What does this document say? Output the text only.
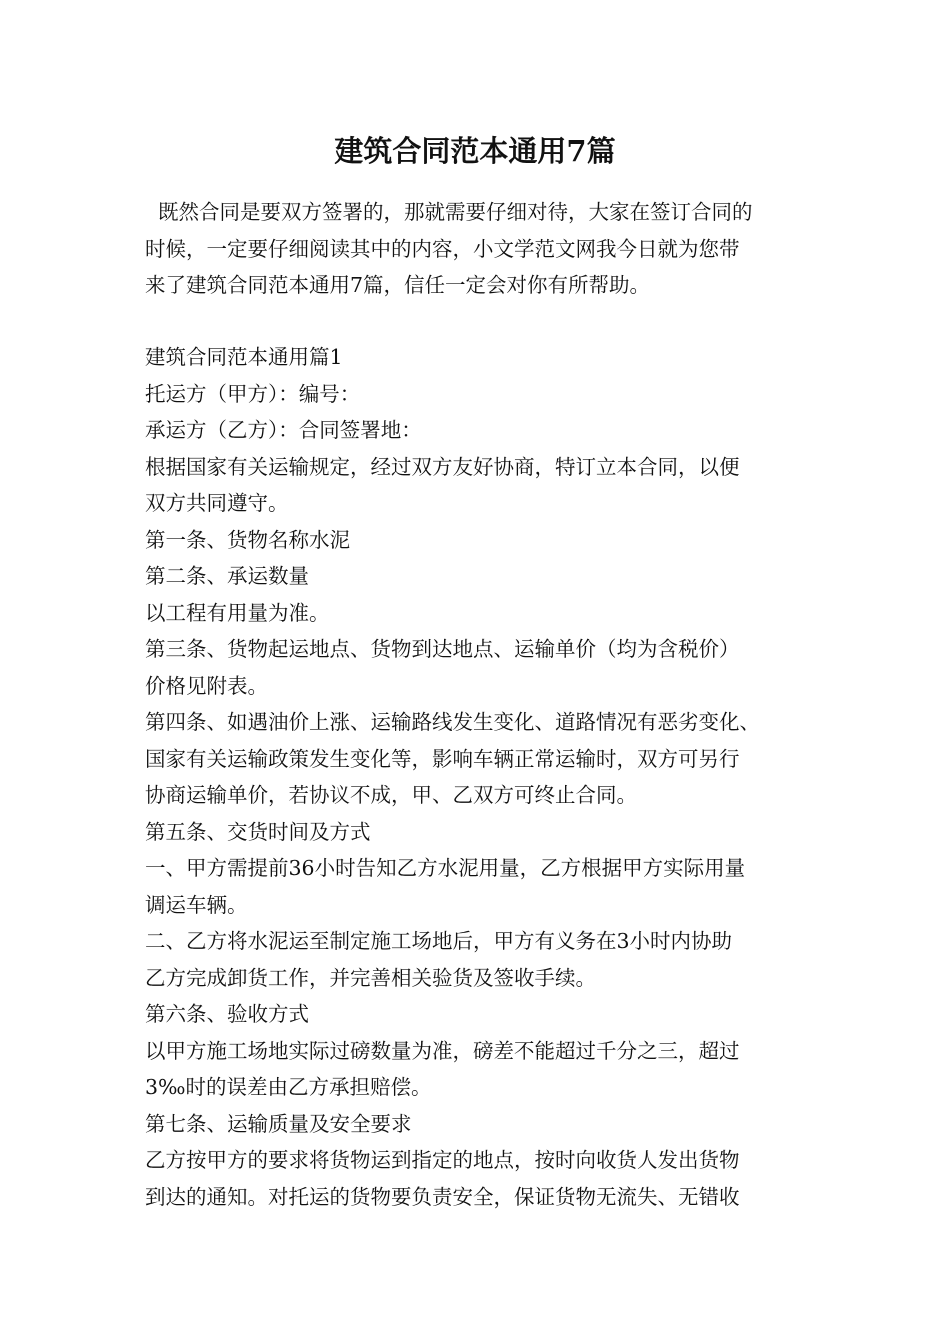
建筑合同范本通用7篇

既然合同是要双方签署的，那就需要仔细对待，大家在签订合同的

时候，一定要仔细阅读其中的内容，小文学范文网我今日就为您带

来了建筑合同范本通用7篇，信任一定会对你有所帮助。

建筑合同范本通用篇1

托运方（甲方）：编号：

承运方（乙方）：合同签署地：

根据国家有关运输规定，经过双方友好协商，特订立本合同，以便

双方共同遵守。

第一条、货物名称水泥

第二条、承运数量

以工程有用量为准。

第三条、货物起运地点、货物到达地点、运输单价（均为含税价）

价格见附表。

第四条、如遇油价上涨、运输路线发生变化、道路情况有恶劣变化、

国家有关运输政策发生变化等，影响车辆正常运输时，双方可另行

协商运输单价，若协议不成，甲、乙双方可终止合同。

第五条、交货时间及方式

一、甲方需提前36小时告知乙方水泥用量，乙方根据甲方实际用量

调运车辆。

二、乙方将水泥运至制定施工场地后，甲方有义务在3小时内协助

乙方完成卸货工作，并完善相关验货及签收手续。

第六条、验收方式

以甲方施工场地实际过磅数量为准，磅差不能超过千分之三，超过

3‰时的误差由乙方承担赔偿。

第七条、运输质量及安全要求

乙方按甲方的要求将货物运到指定的地点，按时向收货人发出货物

到达的通知。对托运的货物要负责安全，保证货物无流失、无错收
